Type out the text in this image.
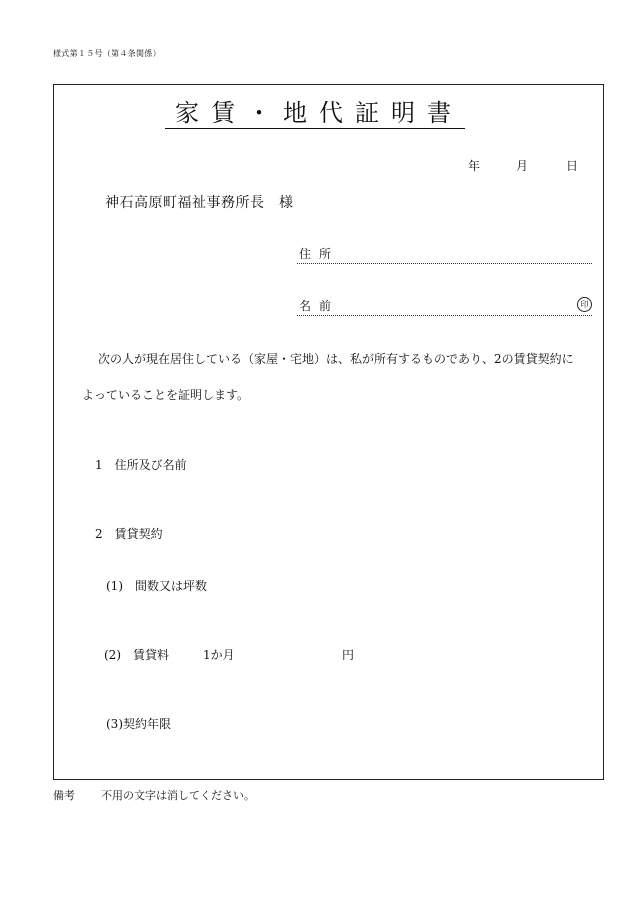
様式第１５号（第４条関係）
家賃・地代証明書
年	月	日
神石高原町福祉事務所長　様
住所
名前	印
次の人が現在居住している（家屋・宅地）は、私が所有するものであり、2の賃貸契約に
よっていることを証明します。
1　住所及び名前
2　賃貸契約
(1)　間数又は坪数
(2)　賃貸料	1か月	円
(3)契約年限
備考 不用の文字は消してください。
